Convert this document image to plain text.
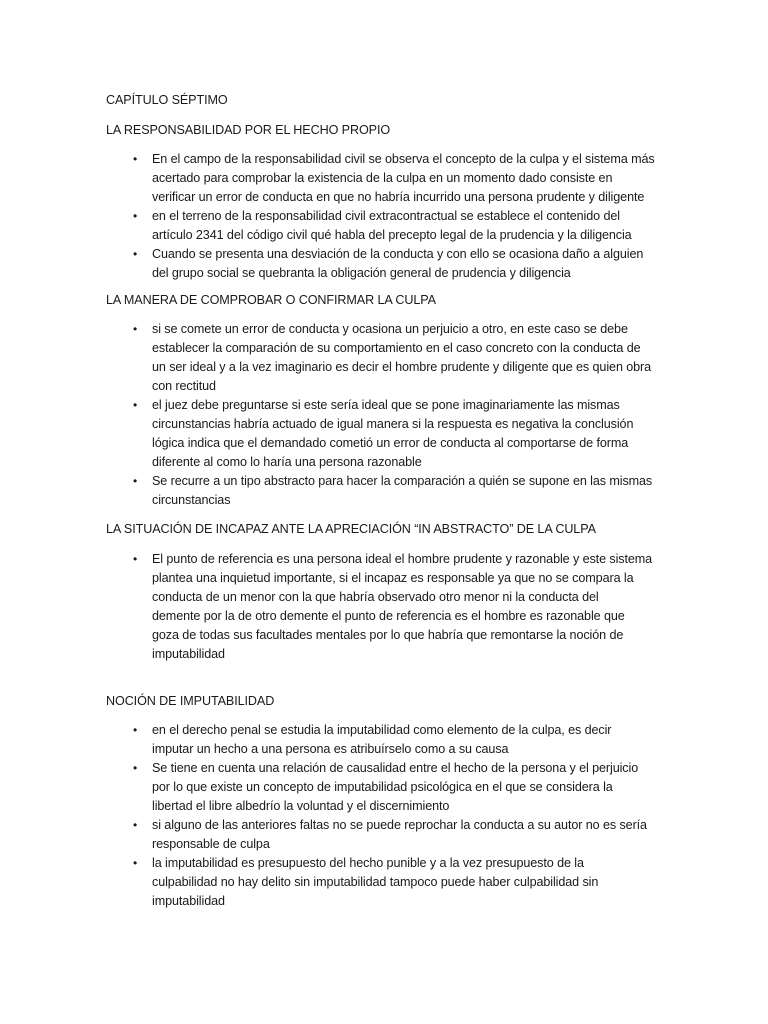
CAPÍTULO SÉPTIMO
LA RESPONSABILIDAD POR EL HECHO PROPIO
• En el campo de la responsabilidad civil se observa el concepto de la culpa y el sistema más
acertado para comprobar la existencia de la culpa en un momento dado consiste en
verificar un error de conducta en que no habría incurrido una persona prudente y diligente
• en el terreno de la responsabilidad civil extracontractual se establece el contenido del
artículo 2341 del código civil qué habla del precepto legal de la prudencia y la diligencia
• Cuando se presenta una desviación de la conducta y con ello se ocasiona daño a alguien
del grupo social se quebranta la obligación general de prudencia y diligencia
LA MANERA DE COMPROBAR O CONFIRMAR LA CULPA
• si se comete un error de conducta y ocasiona un perjuicio a otro, en este caso se debe
establecer la comparación de su comportamiento en el caso concreto con la conducta de
un ser ideal y a la vez imaginario es decir el hombre prudente y diligente que es quien obra
con rectitud
• el juez debe preguntarse si este sería ideal que se pone imaginariamente las mismas
circunstancias habría actuado de igual manera si la respuesta es negativa la conclusión
lógica indica que el demandado cometió un error de conducta al comportarse de forma
diferente al como lo haría una persona razonable
• Se recurre a un tipo abstracto para hacer la comparación a quién se supone en las mismas
circunstancias
LA SITUACIÓN DE INCAPAZ ANTE LA APRECIACIÓN “IN ABSTRACTO” DE LA CULPA
• El punto de referencia es una persona ideal el hombre prudente y razonable y este sistema
plantea una inquietud importante, si el incapaz es responsable ya que no se compara la
conducta de un menor con la que habría observado otro menor ni la conducta del
demente por la de otro demente el punto de referencia es el hombre es razonable que
goza de todas sus facultades mentales por lo que habría que remontarse la noción de
imputabilidad
NOCIÓN DE IMPUTABILIDAD
• en el derecho penal se estudia la imputabilidad como elemento de la culpa, es decir
imputar un hecho a una persona es atribuírselo como a su causa
• Se tiene en cuenta una relación de causalidad entre el hecho de la persona y el perjuicio
por lo que existe un concepto de imputabilidad psicológica en el que se considera la
libertad el libre albedrío la voluntad y el discernimiento
• si alguno de las anteriores faltas no se puede reprochar la conducta a su autor no es sería
responsable de culpa
• la imputabilidad es presupuesto del hecho punible y a la vez presupuesto de la
culpabilidad no hay delito sin imputabilidad tampoco puede haber culpabilidad sin
imputabilidad
